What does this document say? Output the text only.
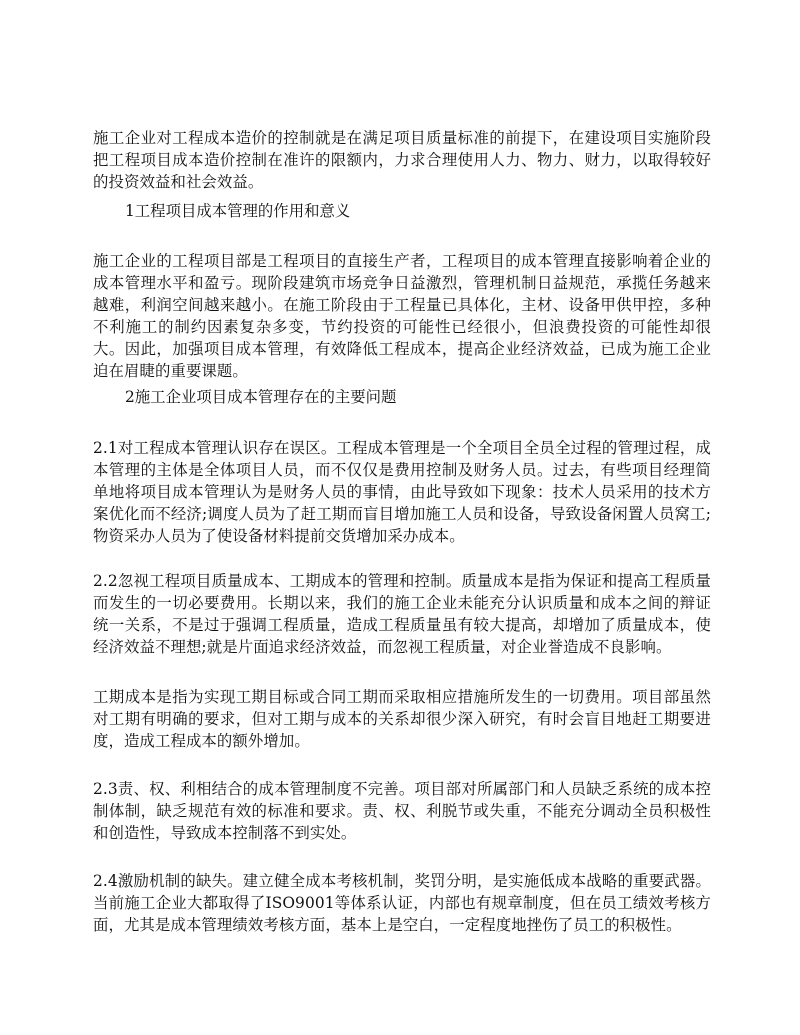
施工企业对工程成本造价的控制就是在满足项目质量标准的前提下，在建设项目实施阶段把工程项目成本造价控制在准许的限额内，力求合理使用人力、物力、财力，以取得较好的投资效益和社会效益。

1工程项目成本管理的作用和意义

施工企业的工程项目部是工程项目的直接生产者，工程项目的成本管理直接影响着企业的成本管理水平和盈亏。现阶段建筑市场竞争日益激烈，管理机制日益规范，承揽任务越来越难，利润空间越来越小。在施工阶段由于工程量已具体化，主材、设备甲供甲控，多种不利施工的制约因素复杂多变，节约投资的可能性已经很小，但浪费投资的可能性却很大。因此，加强项目成本管理，有效降低工程成本，提高企业经济效益，已成为施工企业迫在眉睫的重要课题。

2施工企业项目成本管理存在的主要问题

2.1对工程成本管理认识存在误区。工程成本管理是一个全项目全员全过程的管理过程，成本管理的主体是全体项目人员，而不仅仅是费用控制及财务人员。过去，有些项目经理简单地将项目成本管理认为是财务人员的事情，由此导致如下现象：技术人员采用的技术方案优化而不经济;调度人员为了赶工期而盲目增加施工人员和设备，导致设备闲置人员窝工;物资采办人员为了使设备材料提前交货增加采办成本。

2.2忽视工程项目质量成本、工期成本的管理和控制。质量成本是指为保证和提高工程质量而发生的一切必要费用。长期以来，我们的施工企业未能充分认识质量和成本之间的辩证统一关系，不是过于强调工程质量，造成工程质量虽有较大提高，却增加了质量成本，使经济效益不理想;就是片面追求经济效益，而忽视工程质量，对企业誉造成不良影响。

工期成本是指为实现工期目标或合同工期而采取相应措施所发生的一切费用。项目部虽然对工期有明确的要求，但对工期与成本的关系却很少深入研究，有时会盲目地赶工期要进度，造成工程成本的额外增加。

2.3责、权、利相结合的成本管理制度不完善。项目部对所属部门和人员缺乏系统的成本控制体制，缺乏规范有效的标准和要求。责、权、利脱节或失重，不能充分调动全员积极性和创造性，导致成本控制落不到实处。

2.4激励机制的缺失。建立健全成本考核机制，奖罚分明，是实施低成本战略的重要武器。当前施工企业大都取得了ISO9001等体系认证，内部也有规章制度，但在员工绩效考核方面，尤其是成本管理绩效考核方面，基本上是空白，一定程度地挫伤了员工的积极性。
